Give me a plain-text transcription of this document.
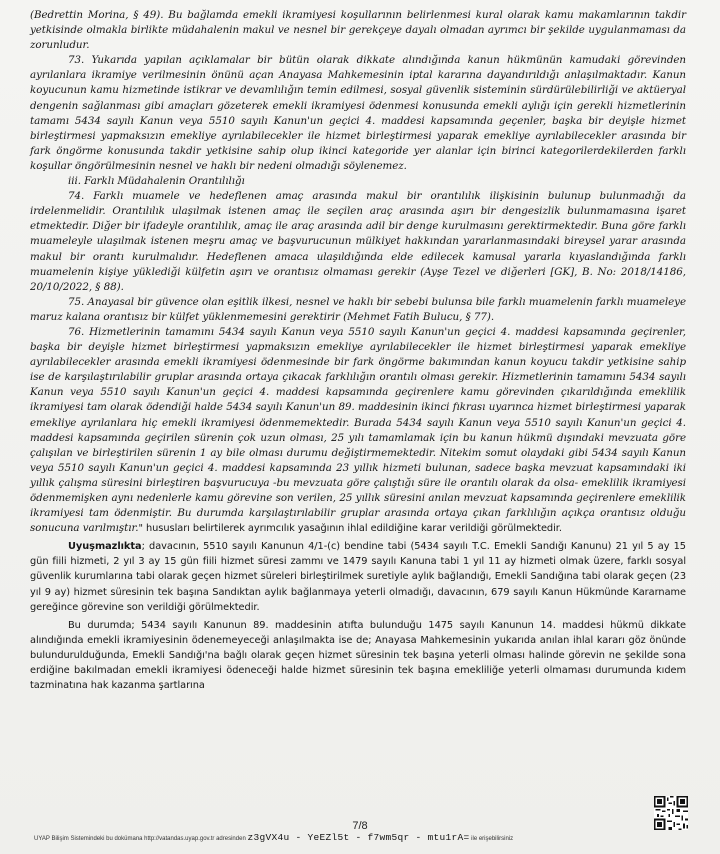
(Bedrettin Morina, § 49). Bu bağlamda emekli ikramiyesi koşullarının belirlenmesi kural olarak kamu makamlarının takdir yetkisinde olmakla birlikte müdahalenin makul ve nesnel bir gerekçeye dayalı olmadan ayrımcı bir şekilde uygulanmaması da zorunludur.

73. Yukarıda yapılan açıklamalar bir bütün olarak dikkate alındığında kanun hükmünün kamudaki görevinden ayrılanlara ikramiye verilmesinin önünü açan Anayasa Mahkemesinin iptal kararına dayandırıldığı anlaşılmaktadır. Kanun koyucunun kamu hizmetinde istikrar ve devamlılığın temin edilmesi, sosyal güvenlik sisteminin sürdürülebilirliği ve aktüeryal dengenin sağlanması gibi amaçları gözeterek emekli ikramiyesi ödenmesi konusunda emekli aylığı için gerekli hizmetlerinin tamamı 5434 sayılı Kanun veya 5510 sayılı Kanun'un geçici 4. maddesi kapsamında geçenler, başka bir deyişle hizmet birleştirmesi yapmaksızın emekliye ayrılabilecekler ile hizmet birleştirmesi yaparak emekliye ayrılabilecekler arasında bir fark öngörme konusunda takdir yetkisine sahip olup ikinci kategoride yer alanlar için birinci kategorilerdekilerden farklı koşullar öngörülmesinin nesnel ve haklı bir nedeni olmadığı söylenemez.

iii. Farklı Müdahalenin Orantılılığı

74. Farklı muamele ve hedeflenen amaç arasında makul bir orantılılık ilişkisinin bulunup bulunmadığı da irdelenmelidir. Orantılılık ulaşılmak istenen amaç ile seçilen araç arasında aşırı bir dengesizlik bulunmamasına işaret etmektedir. Diğer bir ifadeyle orantılılık, amaç ile araç arasında adil bir denge kurulmasını gerektirmektedir. Buna göre farklı muameleyle ulaşılmak istenen meşru amaç ve başvurucunun mülkiyet hakkından yararlanmasındaki bireysel yarar arasında makul bir orantı kurulmalıdır. Hedeflenen amaca ulaşıldığında elde edilecek kamusal yararla kıyaslandığında farklı muamelenin kişiye yüklediği külfetin aşırı ve orantısız olmaması gerekir (Ayşe Tezel ve diğerleri [GK], B. No: 2018/14186, 20/10/2022, § 88).

75. Anayasal bir güvence olan eşitlik ilkesi, nesnel ve haklı bir sebebi bulunsa bile farklı muamelenin farklı muameleye maruz kalana orantısız bir külfet yüklenmemesini gerektirir (Mehmet Fatih Bulucu, § 77).

76. Hizmetlerinin tamamını 5434 sayılı Kanun veya 5510 sayılı Kanun'un geçici 4. maddesi kapsamında geçirenler, başka bir deyişle hizmet birleştirmesi yapmaksızın emekliye ayrılabilecekler ile hizmet birleştirmesi yaparak emekliye ayrılabilecekler arasında emekli ikramiyesi ödenmesinde bir fark öngörme bakımından kanun koyucu takdir yetkisine sahip ise de karşılaştırılabilir gruplar arasında ortaya çıkacak farklılığın orantılı olması gerekir. Hizmetlerinin tamamını 5434 sayılı Kanun veya 5510 sayılı Kanun'un geçici 4. maddesi kapsamında geçirenlere kamu görevinden çıkarıldığında emeklilik ikramiyesi tam olarak ödendiği halde 5434 sayılı Kanun'un 89. maddesinin ikinci fıkrası uyarınca hizmet birleştirmesi yaparak emekliye ayrılanlara hiç emekli ikramiyesi ödenmemektedir. Burada 5434 sayılı Kanun veya 5510 sayılı Kanun'un geçici 4. maddesi kapsamında geçirilen sürenin çok uzun olması, 25 yılı tamamlamak için bu kanun hükmü dışındaki mevzuata göre çalışılan ve birleştirilen sürenin 1 ay bile olması durumu değiştirmemektedir. Nitekim somut olaydaki gibi 5434 sayılı Kanun veya 5510 sayılı Kanun'un geçici 4. maddesi kapsamında 23 yıllık hizmeti bulunan, sadece başka mevzuat kapsamındaki iki yıllık çalışma süresini birleştiren başvurucuya -bu mevzuata göre çalıştığı süre ile orantılı olarak da olsa- emeklilik ikramiyesi ödenmemişken aynı nedenlerle kamu görevine son verilen, 25 yıllık süresini anılan mevzuat kapsamında geçirenlere emeklilik ikramiyesi tam ödenmiştir. Bu durumda karşılaştırılabilir gruplar arasında ortaya çıkan farklılığın açıkça orantısız olduğu sonucuna varılmıştır." hususları belirtilerek ayrımcılık yasağının ihlal edildiğine karar verildiği görülmektedir.

Uyuşmazlıkta; davacının, 5510 sayılı Kanunun 4/1-(c) bendine tabi (5434 sayılı T.C. Emekli Sandığı Kanunu) 21 yıl 5 ay 15 gün fiili hizmeti, 2 yıl 3 ay 15 gün fiili hizmet süresi zammı ve 1479 sayılı Kanuna tabi 1 yıl 11 ay hizmeti olmak üzere, farklı sosyal güvenlik kurumlarına tabi olarak geçen hizmet süreleri birleştirilmek suretiyle aylık bağlandığı, Emekli Sandığına tabi olarak geçen (23 yıl 9 ay) hizmet süresinin tek başına Sandıktan aylık bağlanmaya yeterli olmadığı, davacının, 679 sayılı Kanun Hükmünde Kararname gereğince görevine son verildiği görülmektedir.

Bu durumda; 5434 sayılı Kanunun 89. maddesinin atıfta bulunduğu 1475 sayılı Kanunun 14. maddesi hükmü dikkate alındığında emekli ikramiyesinin ödenemeyeceği anlaşılmakta ise de; Anayasa Mahkemesinin yukarıda anılan ihlal kararı göz önünde bulundurulduğunda, Emekli Sandığı'na bağlı olarak geçen hizmet süresinin tek başına yeterli olması halinde görevin ne şekilde sona erdiğine bakılmadan emekli ikramiyesi ödeneceği halde hizmet süresinin tek başına emekliliğe yeterli olmaması durumunda kıdem tazminatına hak kazanma şartlarına

7/8
UYAP Bilişim Sistemindeki bu dokümana http://vatandas.uyap.gov.tr adresinden z3gVX4u - YeEZl5t - f7wm5qr - mtu1rA= ile erişebilirsiniz
